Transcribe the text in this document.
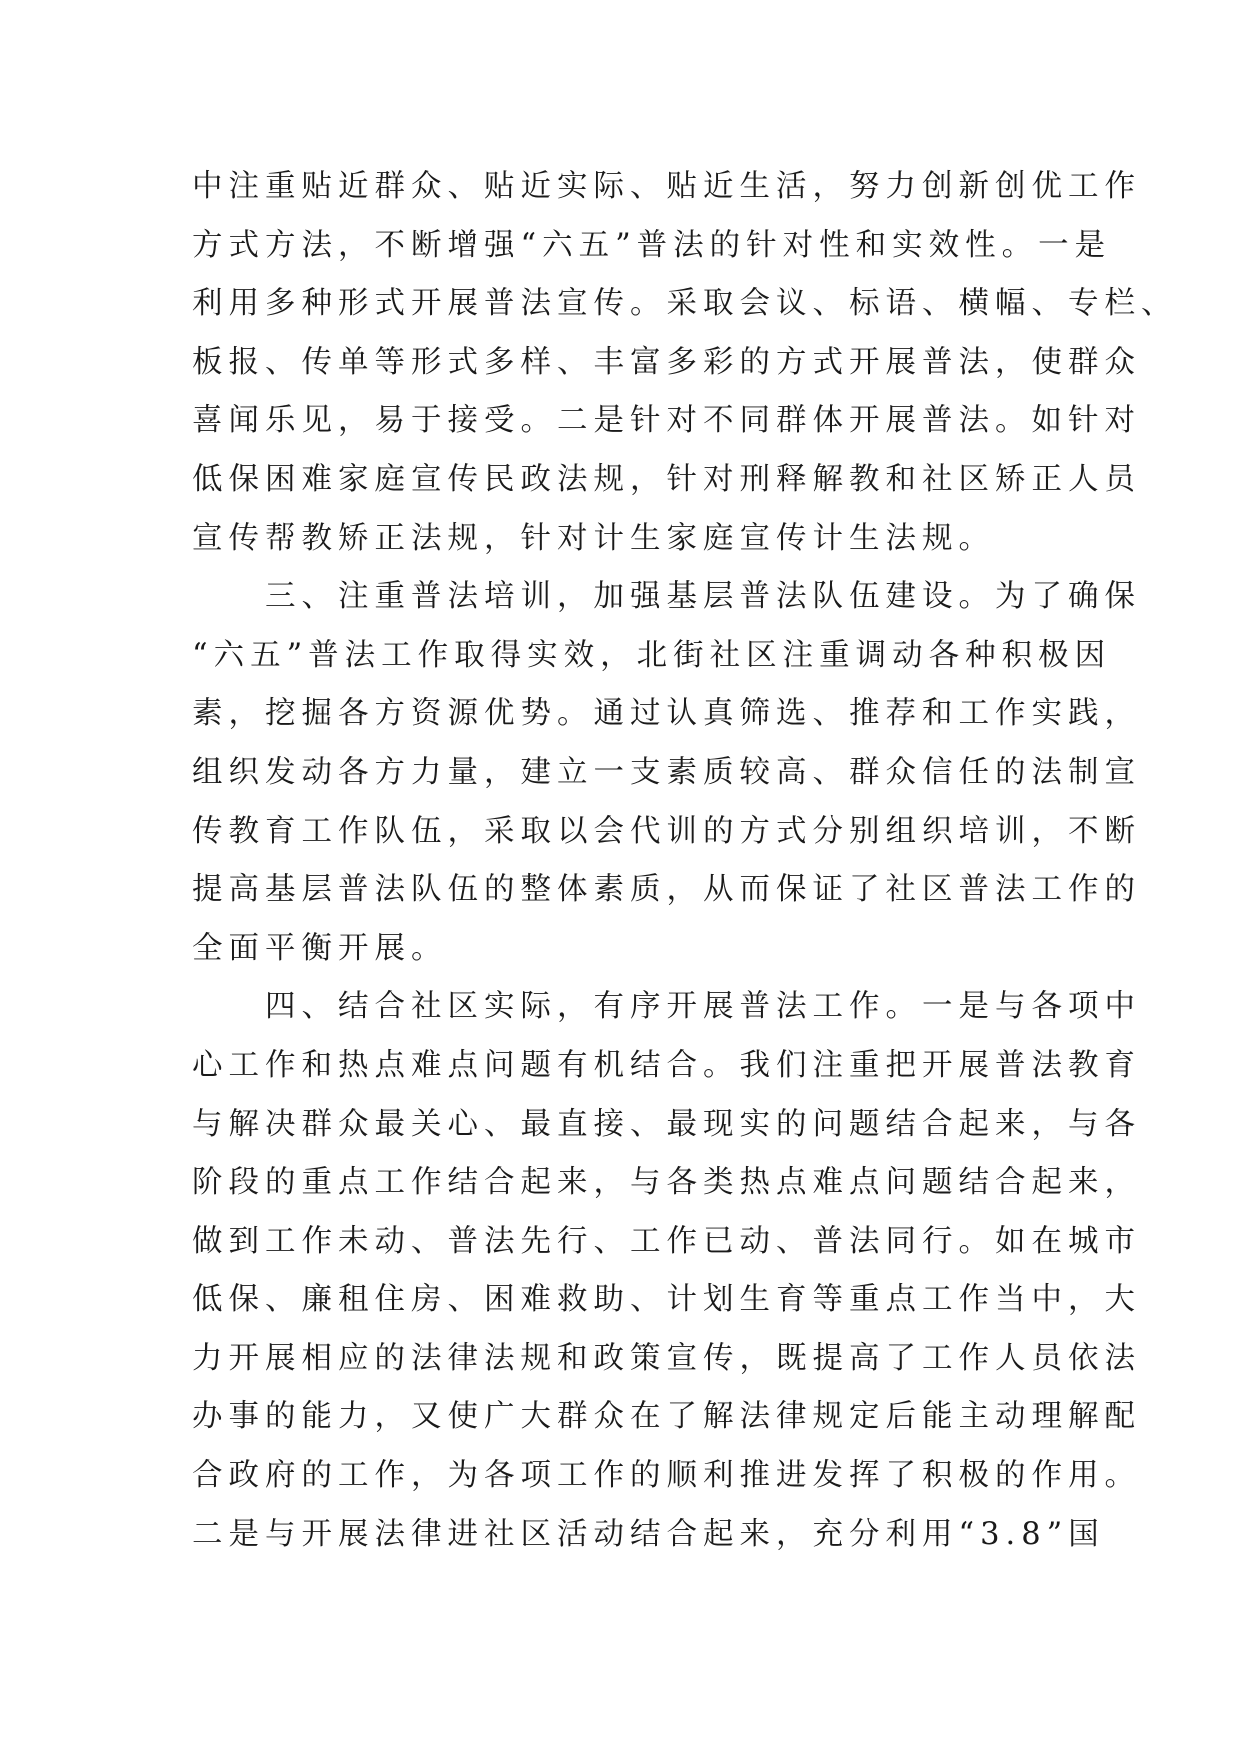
中注重贴近群众、贴近实际、贴近生活，努力创新创优工作
方式方法，不断增强“六五”普法的针对性和实效性。一是
利用多种形式开展普法宣传。采取会议、标语、横幅、专栏、
板报、传单等形式多样、丰富多彩的方式开展普法，使群众
喜闻乐见，易于接受。二是针对不同群体开展普法。如针对
低保困难家庭宣传民政法规，针对刑释解教和社区矫正人员
宣传帮教矫正法规，针对计生家庭宣传计生法规。
　　三、注重普法培训，加强基层普法队伍建设。为了确保
“六五”普法工作取得实效，北街社区注重调动各种积极因
素，挖掘各方资源优势。通过认真筛选、推荐和工作实践，
组织发动各方力量，建立一支素质较高、群众信任的法制宣
传教育工作队伍，采取以会代训的方式分别组织培训，不断
提高基层普法队伍的整体素质，从而保证了社区普法工作的
全面平衡开展。
　　四、结合社区实际，有序开展普法工作。一是与各项中
心工作和热点难点问题有机结合。我们注重把开展普法教育
与解决群众最关心、最直接、最现实的问题结合起来，与各
阶段的重点工作结合起来，与各类热点难点问题结合起来，
做到工作未动、普法先行、工作已动、普法同行。如在城市
低保、廉租住房、困难救助、计划生育等重点工作当中，大
力开展相应的法律法规和政策宣传，既提高了工作人员依法
办事的能力，又使广大群众在了解法律规定后能主动理解配
合政府的工作，为各项工作的顺利推进发挥了积极的作用。
二是与开展法律进社区活动结合起来，充分利用“3.8”国
